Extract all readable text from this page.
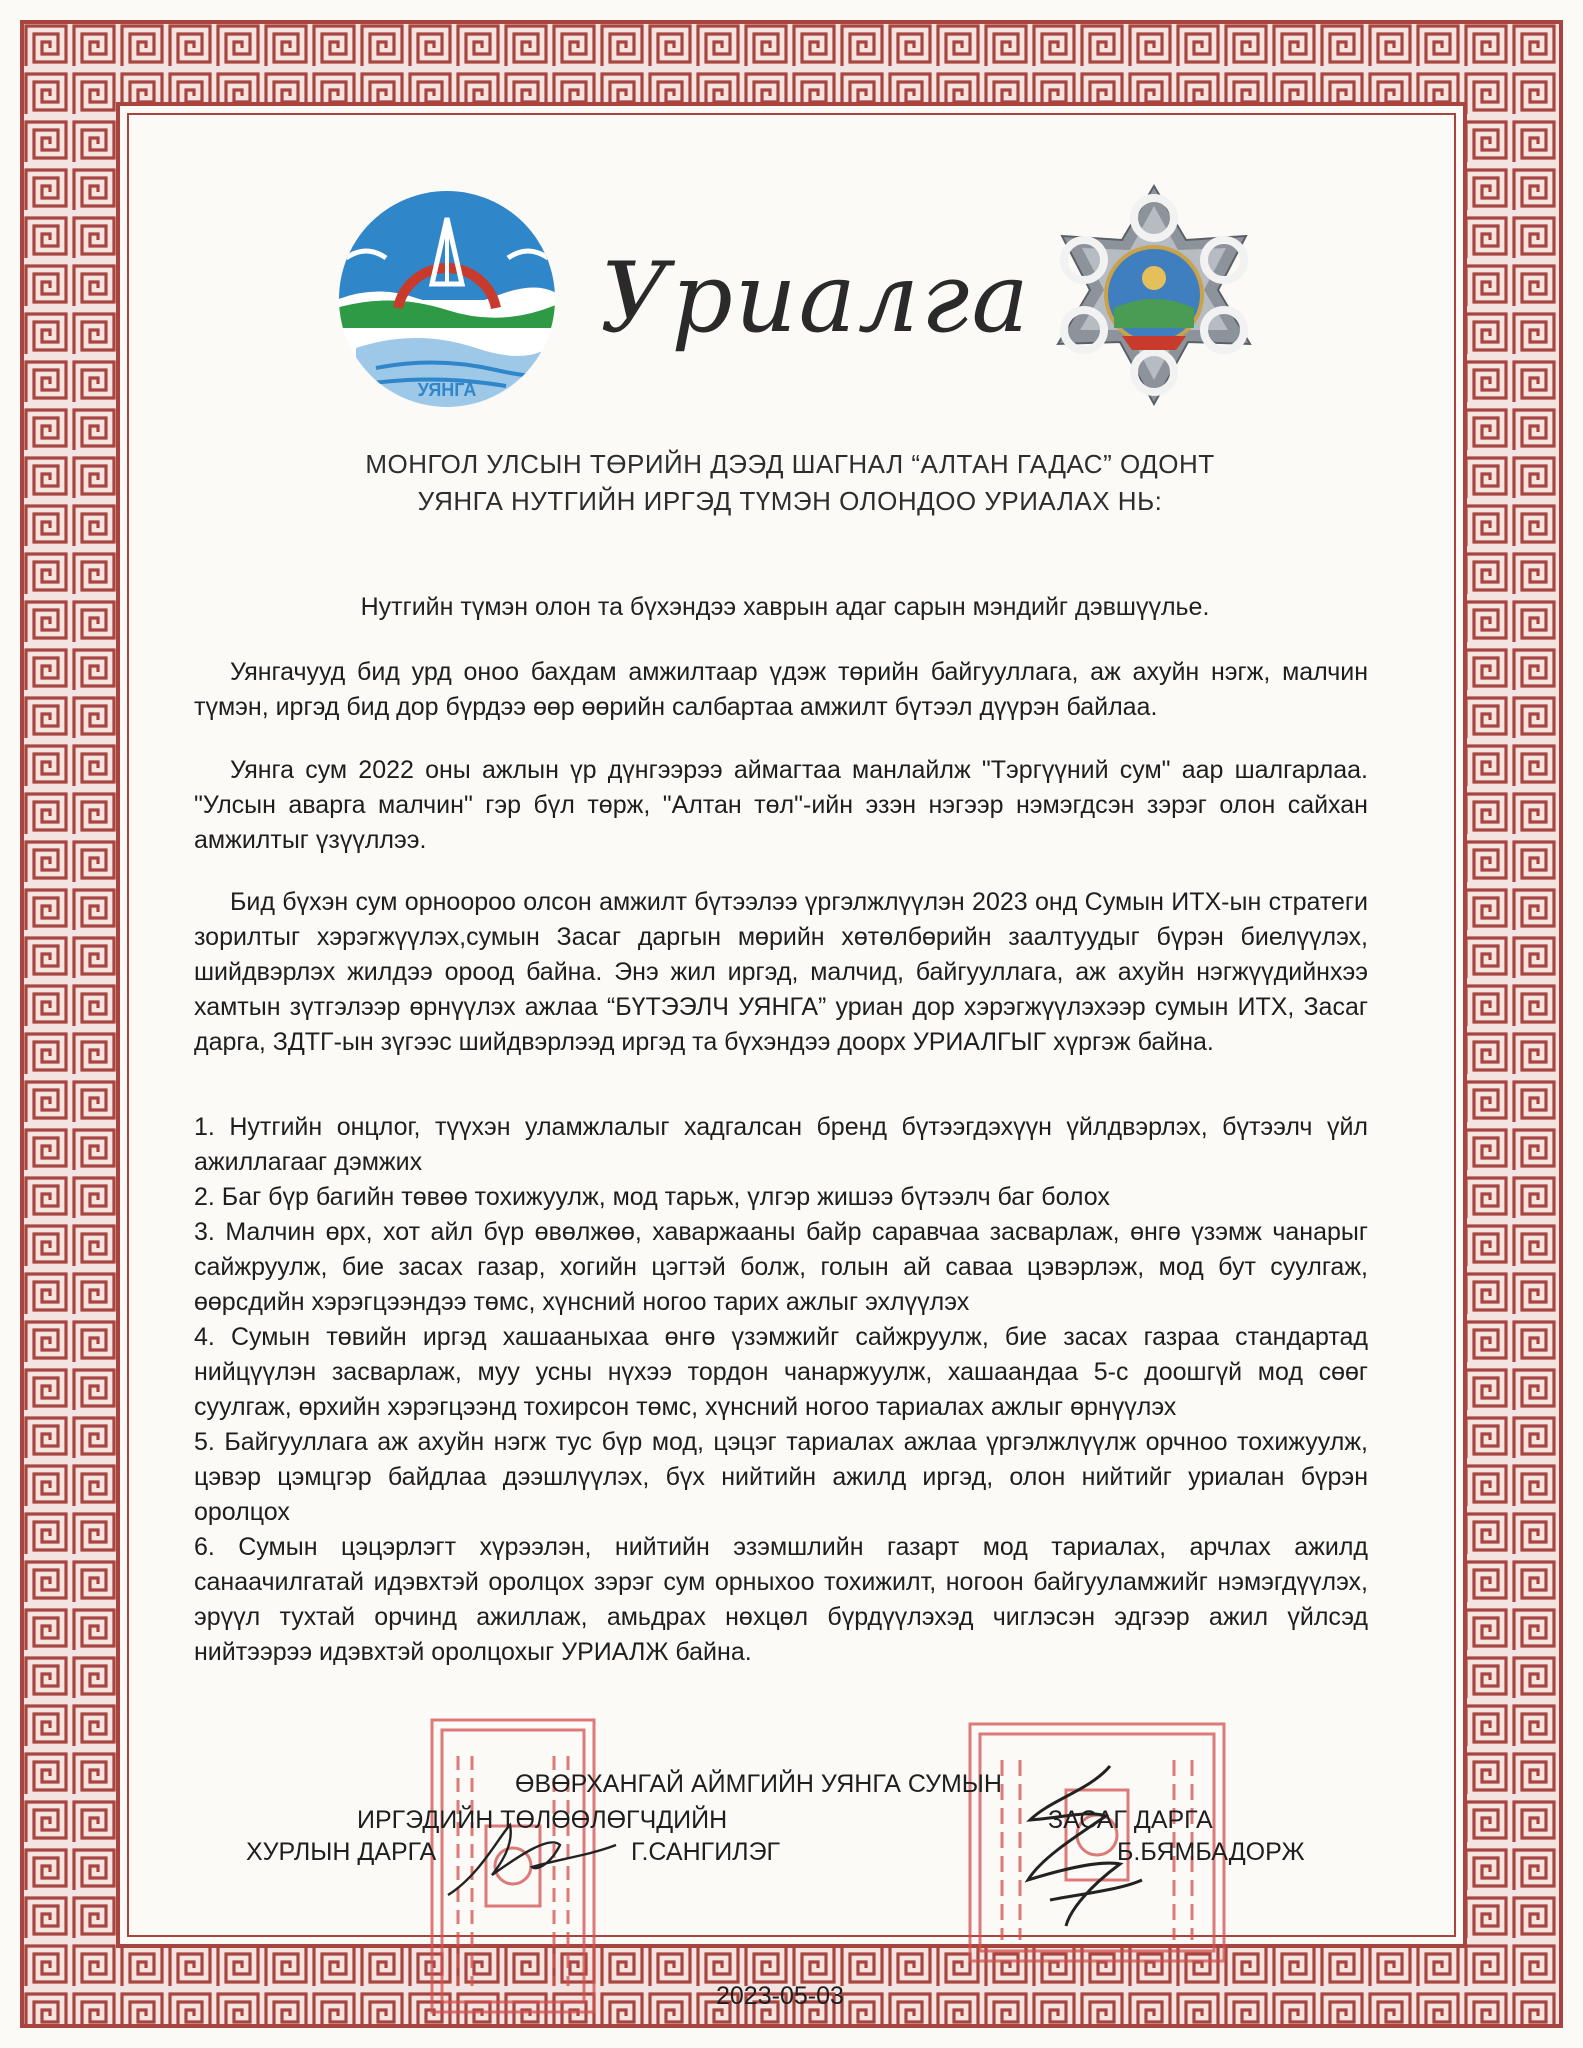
УЯНГА
Уриалга
МОНГОЛ УЛСЫН ТӨРИЙН ДЭЭД ШАГНАЛ “АЛТАН ГАДАС” ОДОНТ
УЯНГА НУТГИЙН ИРГЭД ТҮМЭН ОЛОНДОО УРИАЛАХ НЬ:
Нутгийн түмэн олон та бүхэндээ хаврын адаг сарын мэндийг дэвшүүлье.
Уянгачууд бид урд оноо бахдам амжилтаар үдэж төрийн байгууллага, аж ахуйн нэгж, малчин түмэн, иргэд бид дор бүрдээ өөр өөрийн салбартаа амжилт бүтээл дүүрэн байлаа.
Уянга сум 2022 оны ажлын үр дүнгээрээ аймагтаа манлайлж "Тэргүүний сум" аар шалгарлаа. "Улсын аварга малчин" гэр бүл төрж, "Алтан төл"-ийн эзэн нэгээр нэмэгдсэн зэрэг олон сайхан амжилтыг үзүүллээ.
Бид бүхэн сум орноороо олсон амжилт бүтээлээ үргэлжлүүлэн 2023 онд Сумын ИТХ-ын стратеги зорилтыг хэрэгжүүлэх,сумын Засаг даргын мөрийн хөтөлбөрийн заалтуудыг бүрэн биелүүлэх, шийдвэрлэх жилдээ ороод байна. Энэ жил иргэд, малчид, байгууллага, аж ахуйн нэгжүүдийнхээ хамтын зүтгэлээр өрнүүлэх ажлаа “БҮТЭЭЛЧ УЯНГА” уриан дор хэрэгжүүлэхээр сумын ИТХ, Засаг дарга, ЗДТГ-ын зүгээс шийдвэрлээд иргэд та бүхэндээ доорх УРИАЛГЫГ хүргэж байна.
1. Нутгийн онцлог, түүхэн уламжлалыг хадгалсан бренд бүтээгдэхүүн үйлдвэрлэх, бүтээлч үйл ажиллагааг дэмжих
2. Баг бүр багийн төвөө тохижуулж, мод тарьж, үлгэр жишээ бүтээлч баг болох
3. Малчин өрх, хот айл бүр өвөлжөө, хаваржааны байр саравчаа засварлаж, өнгө үзэмж чанарыг сайжруулж, бие засах газар, хогийн цэгтэй болж, голын ай саваа цэвэрлэж, мод бут суулгаж, өөрсдийн хэрэгцээндээ төмс, хүнсний ногоо тарих ажлыг эхлүүлэх
4. Сумын төвийн иргэд хашааныхаа өнгө үзэмжийг сайжруулж, бие засах газраа стандартад нийцүүлэн засварлаж, муу усны нүхээ тордон чанаржуулж, хашаандаа 5-с доошгүй мод сөөг суулгаж, өрхийн хэрэгцээнд тохирсон төмс, хүнсний ногоо тариалах ажлыг өрнүүлэх
5. Байгууллага аж ахуйн нэгж тус бүр мод, цэцэг тариалах ажлаа үргэлжлүүлж орчноо тохижуулж, цэвэр цэмцгэр байдлаа дээшлүүлэх, бүх нийтийн ажилд иргэд, олон нийтийг уриалан бүрэн оролцох
6. Сумын цэцэрлэгт хүрээлэн, нийтийн эзэмшлийн газарт мод тариалах, арчлах ажилд санаачилгатай идэвхтэй оролцох зэрэг сум орныхоо тохижилт, ногоон байгууламжийг нэмэгдүүлэх, эрүүл тухтай орчинд ажиллаж, амьдрах нөхцөл бүрдүүлэхэд чиглэсэн эдгээр ажил үйлсэд нийтээрээ идэвхтэй оролцохыг УРИАЛЖ байна.
ӨВӨРХАНГАЙ АЙМГИЙН УЯНГА СУМЫН
ИРГЭДИЙН ТӨЛӨӨЛӨГЧДИЙН
ХУРЛЫН ДАРГА	Г.САНГИЛЭГ
ЗАСАГ ДАРГА
Б.БЯМБАДОРЖ
2023-05-03
